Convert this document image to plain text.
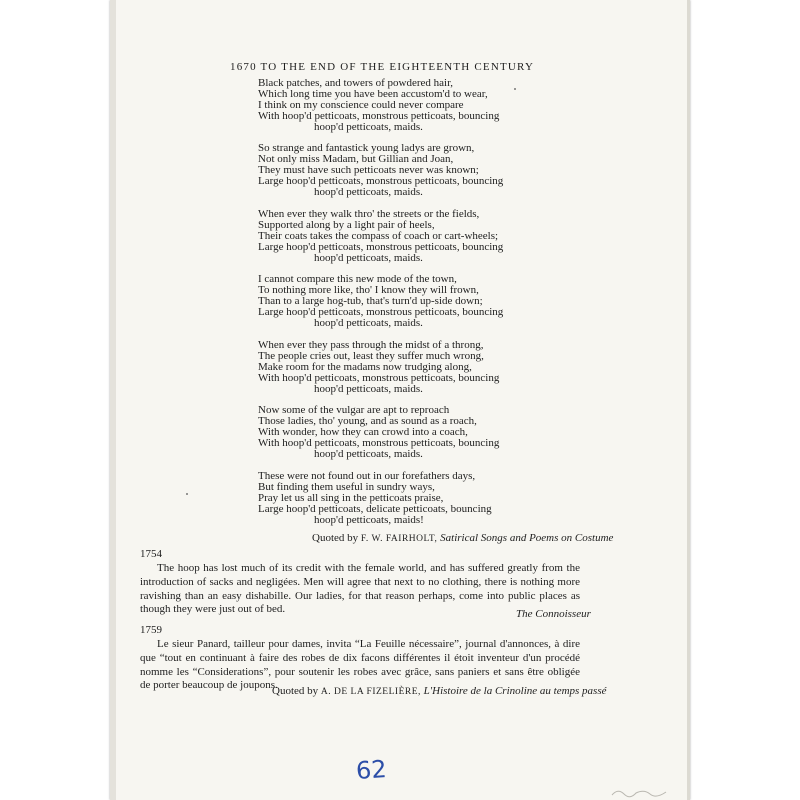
1670 TO THE END OF THE EIGHTEENTH CENTURY
Black patches, and towers of powdered hair,
Which long time you have been accustom'd to wear,
I think on my conscience could never compare
With hoop'd petticoats, monstrous petticoats, bouncing
hoop'd petticoats, maids.
So strange and fantastick young ladys are grown,
Not only miss Madam, but Gillian and Joan,
They must have such petticoats never was known;
Large hoop'd petticoats, monstrous petticoats, bouncing
hoop'd petticoats, maids.
When ever they walk thro' the streets or the fields,
Supported along by a light pair of heels,
Their coats takes the compass of coach or cart-wheels;
Large hoop'd petticoats, monstrous petticoats, bouncing
hoop'd petticoats, maids.
I cannot compare this new mode of the town,
To nothing more like, tho' I know they will frown,
Than to a large hog-tub, that's turn'd up-side down;
Large hoop'd petticoats, monstrous petticoats, bouncing
hoop'd petticoats, maids.
When ever they pass through the midst of a throng,
The people cries out, least they suffer much wrong,
Make room for the madams now trudging along,
With hoop'd petticoats, monstrous petticoats, bouncing
hoop'd petticoats, maids.
Now some of the vulgar are apt to reproach
Those ladies, tho' young, and as sound as a roach,
With wonder, how they can crowd into a coach,
With hoop'd petticoats, monstrous petticoats, bouncing
hoop'd petticoats, maids.
These were not found out in our forefathers days,
But finding them useful in sundry ways,
Pray let us all sing in the petticoats praise,
Large hoop'd petticoats, delicate petticoats, bouncing
hoop'd petticoats, maids!
Quoted by F. W. FAIRHOLT, Satirical Songs and Poems on Costume
1754
The hoop has lost much of its credit with the female world, and has suffered greatly from the introduction of sacks and negligées. Men will agree that next to no clothing, there is nothing more ravishing than an easy dishabille. Our ladies, for that reason perhaps, come into public places as though they were just out of bed.	The Connoisseur
1759
Le sieur Panard, tailleur pour dames, invita “La Feuille nécessaire”, journal d'annonces, à dire que “tout en continuant à faire des robes de dix facons différentes il étoit inventeur d'un procédé nomme les “Considerations”, pour soutenir les robes avec grâce, sans paniers et sans être obligée de porter beaucoup de joupons.
Quoted by A. DE LA FIZELIÈRE, L'Histoire de la Crinoline au temps passé
62
